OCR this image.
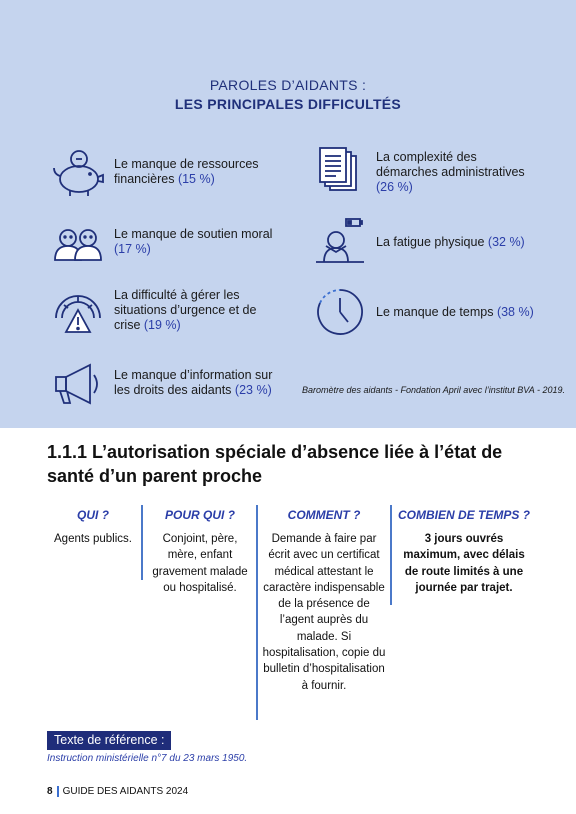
PAROLES D’AIDANTS :
LES PRINCIPALES DIFFICULTÉS
Le manque de ressources financières (15 %)
Le manque de soutien moral (17 %)
La difficulté à gérer les situations d’urgence et de crise (19 %)
Le manque d’information sur les droits des aidants (23 %)
La complexité des démarches administratives (26 %)
La fatigue physique (32 %)
Le manque de temps (38 %)
Baromètre des aidants - Fondation April avec l’institut BVA - 2019.
1.1.1 L’autorisation spéciale d’absence liée à l’état de santé d’un parent proche
QUI ?
Agents publics.
POUR QUI ?
Conjoint, père, mère, enfant gravement malade ou hospitalisé.
COMMENT ?
Demande à faire par écrit avec un certificat médical attestant le caractère indispensable de la présence de l’agent auprès du malade. Si hospitalisation, copie du bulletin d’hospitalisation à fournir.
COMBIEN DE TEMPS ?
3 jours ouvrés maximum, avec délais de route limités à une journée par trajet.
Texte de référence :
Instruction ministérielle n°7 du 23 mars 1950.
8 GUIDE DES AIDANTS 2024
